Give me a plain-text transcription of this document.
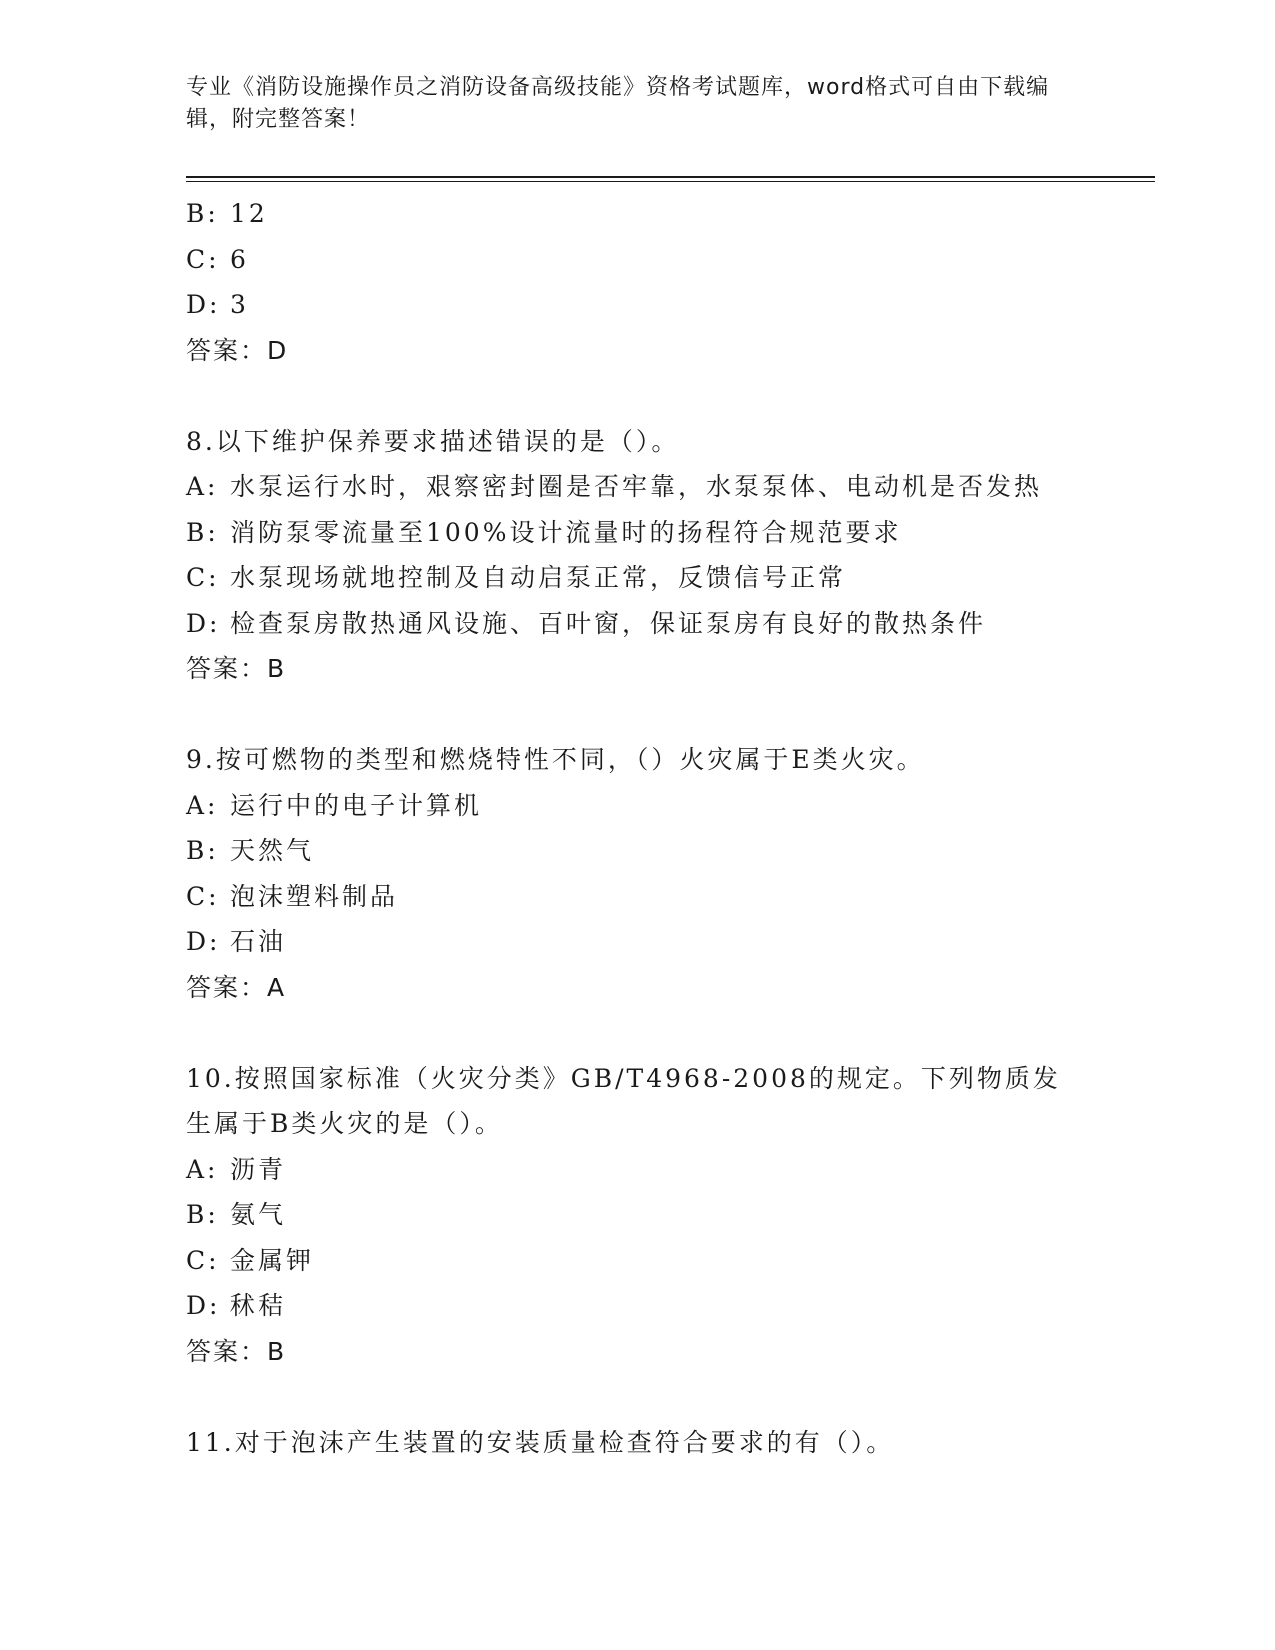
专业《消防设施操作员之消防设备高级技能》资格考试题库，word格式可自由下载编辑，附完整答案！
B: 12
C: 6
D: 3
答案：D
8.以下维护保养要求描述错误的是（）。
A: 水泵运行水时，艰察密封圈是否牢靠，水泵泵体、电动机是否发热
B: 消防泵零流量至100%设计流量时的扬程符合规范要求
C: 水泵现场就地控制及自动启泵正常，反馈信号正常
D: 检查泵房散热通风设施、百叶窗，保证泵房有良好的散热条件
答案：B
9.按可燃物的类型和燃烧特性不同，（）火灾属于E类火灾。
A: 运行中的电子计算机
B: 天然气
C: 泡沫塑料制品
D: 石油
答案：A
10.按照国家标准（火灾分类》GB/T4968-2008的规定。下列物质发生属于B类火灾的是（）。
A: 沥青
B: 氨气
C: 金属钾
D: 秫秸
答案：B
11.对于泡沫产生装置的安装质量检查符合要求的有（）。
